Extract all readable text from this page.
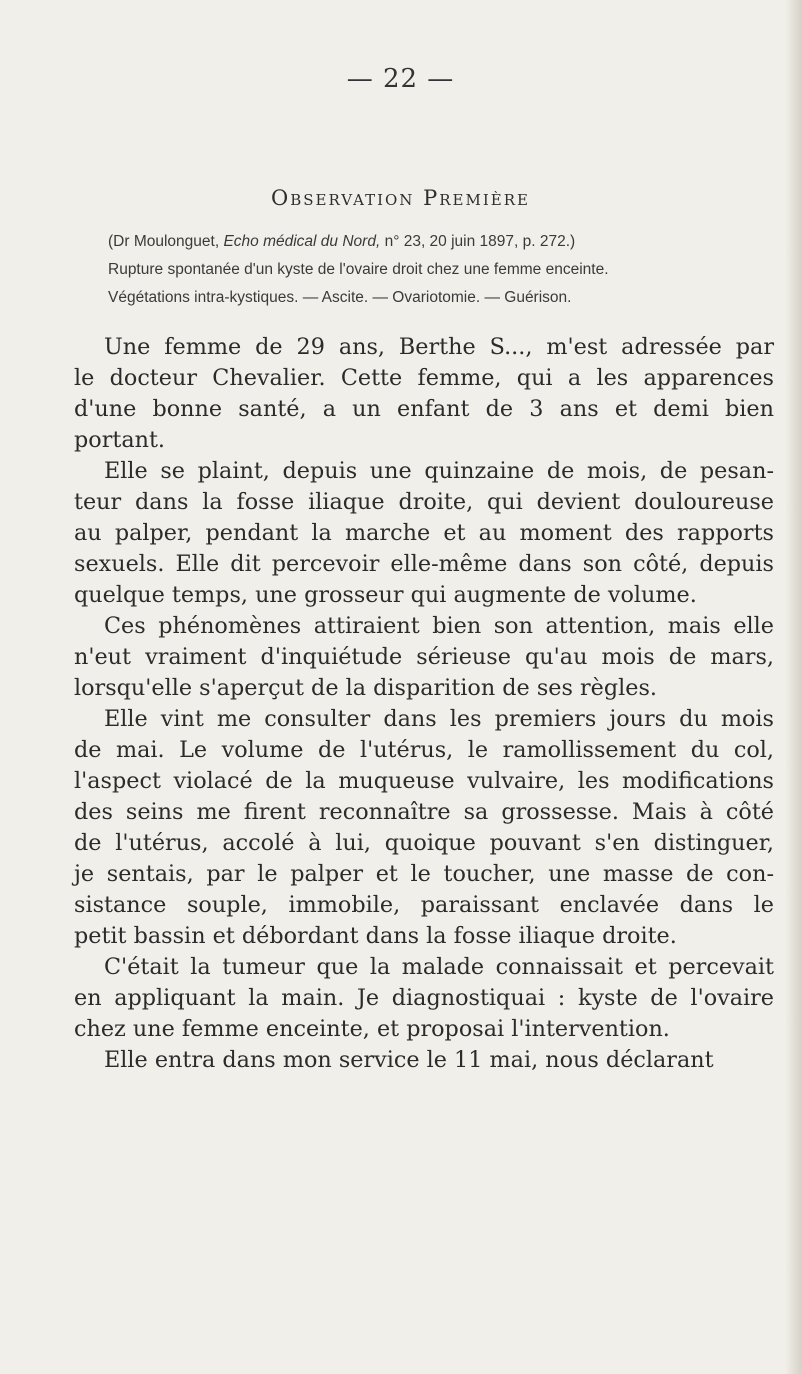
— 22 —
Observation Première
(Dr Moulonguet, Echo médical du Nord, n° 23, 20 juin 1897, p. 272.)
Rupture spontanée d'un kyste de l'ovaire droit chez une femme enceinte.
Végétations intra-kystiques. — Ascite. — Ovariotomie. — Guérison.
Une femme de 29 ans, Berthe S..., m'est adressée par
le docteur Chevalier. Cette femme, qui a les apparences
d'une bonne santé, a un enfant de 3 ans et demi bien
portant.
Elle se plaint, depuis une quinzaine de mois, de pesan-
teur dans la fosse iliaque droite, qui devient douloureuse
au palper, pendant la marche et au moment des rapports
sexuels. Elle dit percevoir elle-même dans son côté, depuis
quelque temps, une grosseur qui augmente de volume.
Ces phénomènes attiraient bien son attention, mais elle
n'eut vraiment d'inquiétude sérieuse qu'au mois de mars,
lorsqu'elle s'aperçut de la disparition de ses règles.
Elle vint me consulter dans les premiers jours du mois
de mai. Le volume de l'utérus, le ramollissement du col,
l'aspect violacé de la muqueuse vulvaire, les modifications
des seins me firent reconnaître sa grossesse. Mais à côté
de l'utérus, accolé à lui, quoique pouvant s'en distinguer,
je sentais, par le palper et le toucher, une masse de con-
sistance souple, immobile, paraissant enclavée dans le
petit bassin et débordant dans la fosse iliaque droite.
C'était la tumeur que la malade connaissait et percevait
en appliquant la main. Je diagnostiquai : kyste de l'ovaire
chez une femme enceinte, et proposai l'intervention.
Elle entra dans mon service le 11 mai, nous déclarant
